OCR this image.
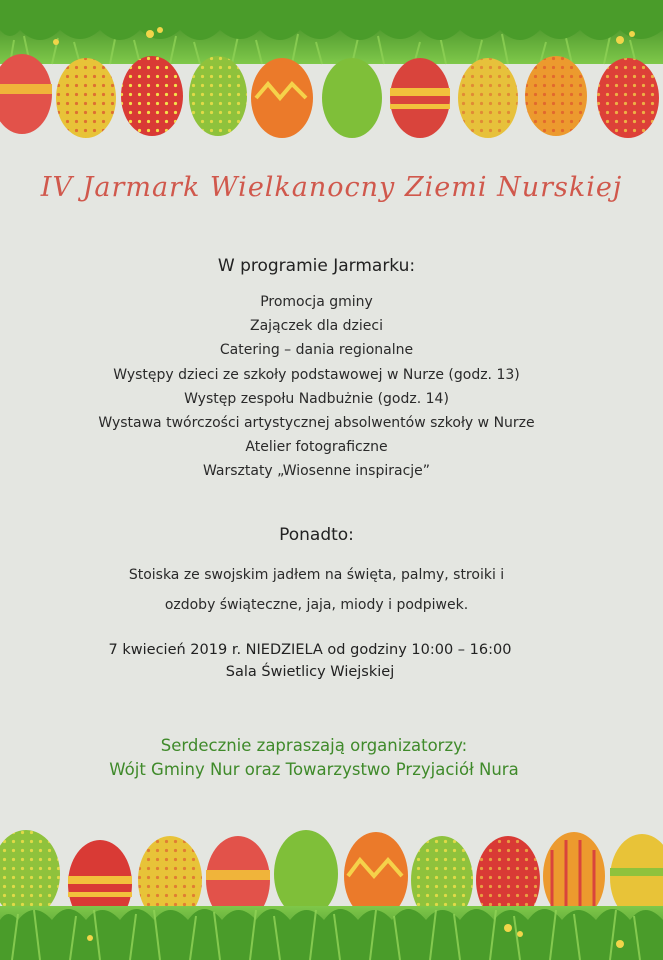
IV Jarmark Wielkanocny Ziemi Nurskiej
W programie Jarmarku:
Promocja gminy
Zajączek dla dzieci
Catering – dania regionalne
Występy dzieci ze szkoły podstawowej w Nurze (godz. 13)
Występ zespołu Nadbużnie (godz. 14)
Wystawa twórczości artystycznej absolwentów szkoły w Nurze
Atelier fotograficzne
Warsztaty „Wiosenne inspiracje”
Ponadto:
Stoiska ze swojskim jadłem na święta, palmy, stroiki i
ozdoby świąteczne, jaja, miody i podpiwek.
7 kwiecień 2019 r. NIEDZIELA od godziny 10:00 – 16:00
Sala Świetlicy Wiejskiej
Serdecznie zapraszają organizatorzy:
Wójt Gminy Nur oraz Towarzystwo Przyjaciół Nura
